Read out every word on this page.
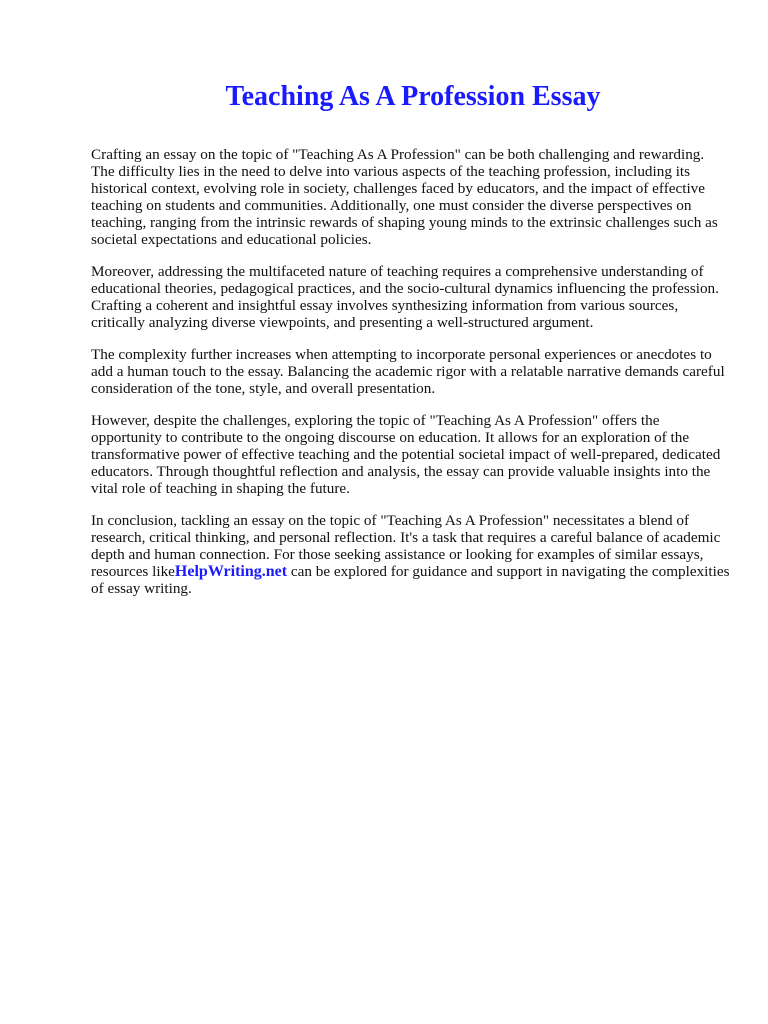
Teaching As A Profession Essay

Crafting an essay on the topic of "Teaching As A Profession" can be both challenging and rewarding. The difficulty lies in the need to delve into various aspects of the teaching profession, including its historical context, evolving role in society, challenges faced by educators, and the impact of effective teaching on students and communities. Additionally, one must consider the diverse perspectives on teaching, ranging from the intrinsic rewards of shaping young minds to the extrinsic challenges such as societal expectations and educational policies.

Moreover, addressing the multifaceted nature of teaching requires a comprehensive understanding of educational theories, pedagogical practices, and the socio-cultural dynamics influencing the profession. Crafting a coherent and insightful essay involves synthesizing information from various sources, critically analyzing diverse viewpoints, and presenting a well-structured argument.

The complexity further increases when attempting to incorporate personal experiences or anecdotes to add a human touch to the essay. Balancing the academic rigor with a relatable narrative demands careful consideration of the tone, style, and overall presentation.

However, despite the challenges, exploring the topic of "Teaching As A Profession" offers the opportunity to contribute to the ongoing discourse on education. It allows for an exploration of the transformative power of effective teaching and the potential societal impact of well-prepared, dedicated educators. Through thoughtful reflection and analysis, the essay can provide valuable insights into the vital role of teaching in shaping the future.

In conclusion, tackling an essay on the topic of "Teaching As A Profession" necessitates a blend of research, critical thinking, and personal reflection. It's a task that requires a careful balance of academic depth and human connection. For those seeking assistance or looking for examples of similar essays, resources likeHelpWriting.net can be explored for guidance and support in navigating the complexities of essay writing.
